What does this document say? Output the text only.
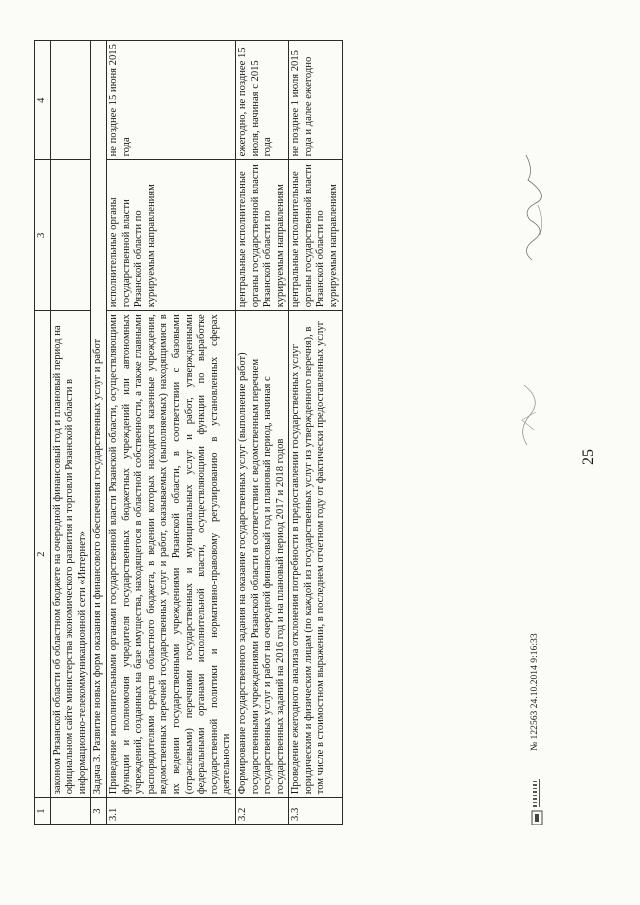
25
1	2	3	4
	законом Рязанской области об областном бюджете на очередной финансовый год и плановый период на официальном сайте министерства экономического развития и торговли Рязанской области в информационно-телекоммуникационной сети «Интернет»		
3	Задача 3. Развитие новых форм оказания и финансового обеспечения государственных услуг и работ		
3.1	Приведение исполнительными органами государственной власти Рязанской области, осуществляющими функции и полномочия учредителя государственных бюджетных учреждений или автономных учреждений, созданных на базе имущества, находящегося в областной собственности, а также главными распорядителями средств областного бюджета, в ведении которых находятся казенные учреждения, ведомственных перечней государственных услуг и работ, оказываемых (выполняемых) находящимися в их ведении государственными учреждениями Рязанской области, в соответствии с базовыми (отраслевыми) перечнями государственных и муниципальных услуг и работ, утвержденными федеральными органами исполнительной власти, осуществляющими функции по выработке государственной политики и нормативно-правовому регулированию в установленных сферах деятельности	исполнительные органы государственной власти Рязанской области по курируемым направлениям	не позднее 15 июня 2015 года
3.2	Формирование государственного задания на оказание государственных услуг (выполнение работ) государственными учреждениями Рязанской области в соответствии с ведомственным перечнем государственных услуг и работ на очередной финансовый год и плановый период, начиная с государственных заданий на 2016 год и на плановый период 2017 и 2018 годов	центральные исполнительные органы государственной власти Рязанской области по курируемым направлениям	ежегодно, не позднее 15 июля, начиная с 2015 года
3.3	Проведение ежегодного анализа отклонения потребности в предоставлении государственных услуг юридическим и физическим лицам (по каждой из государственных услуг из утвержденного перечня), в том числе в стоимостном выражении, в последнем отчетном году от фактически предоставленных услуг	центральные исполнительные органы государственной власти Рязанской области по курируемым направлениям	не позднее 1 июля 2015 года и далее ежегодно
№ 122563 24.10.2014 9:16:33
